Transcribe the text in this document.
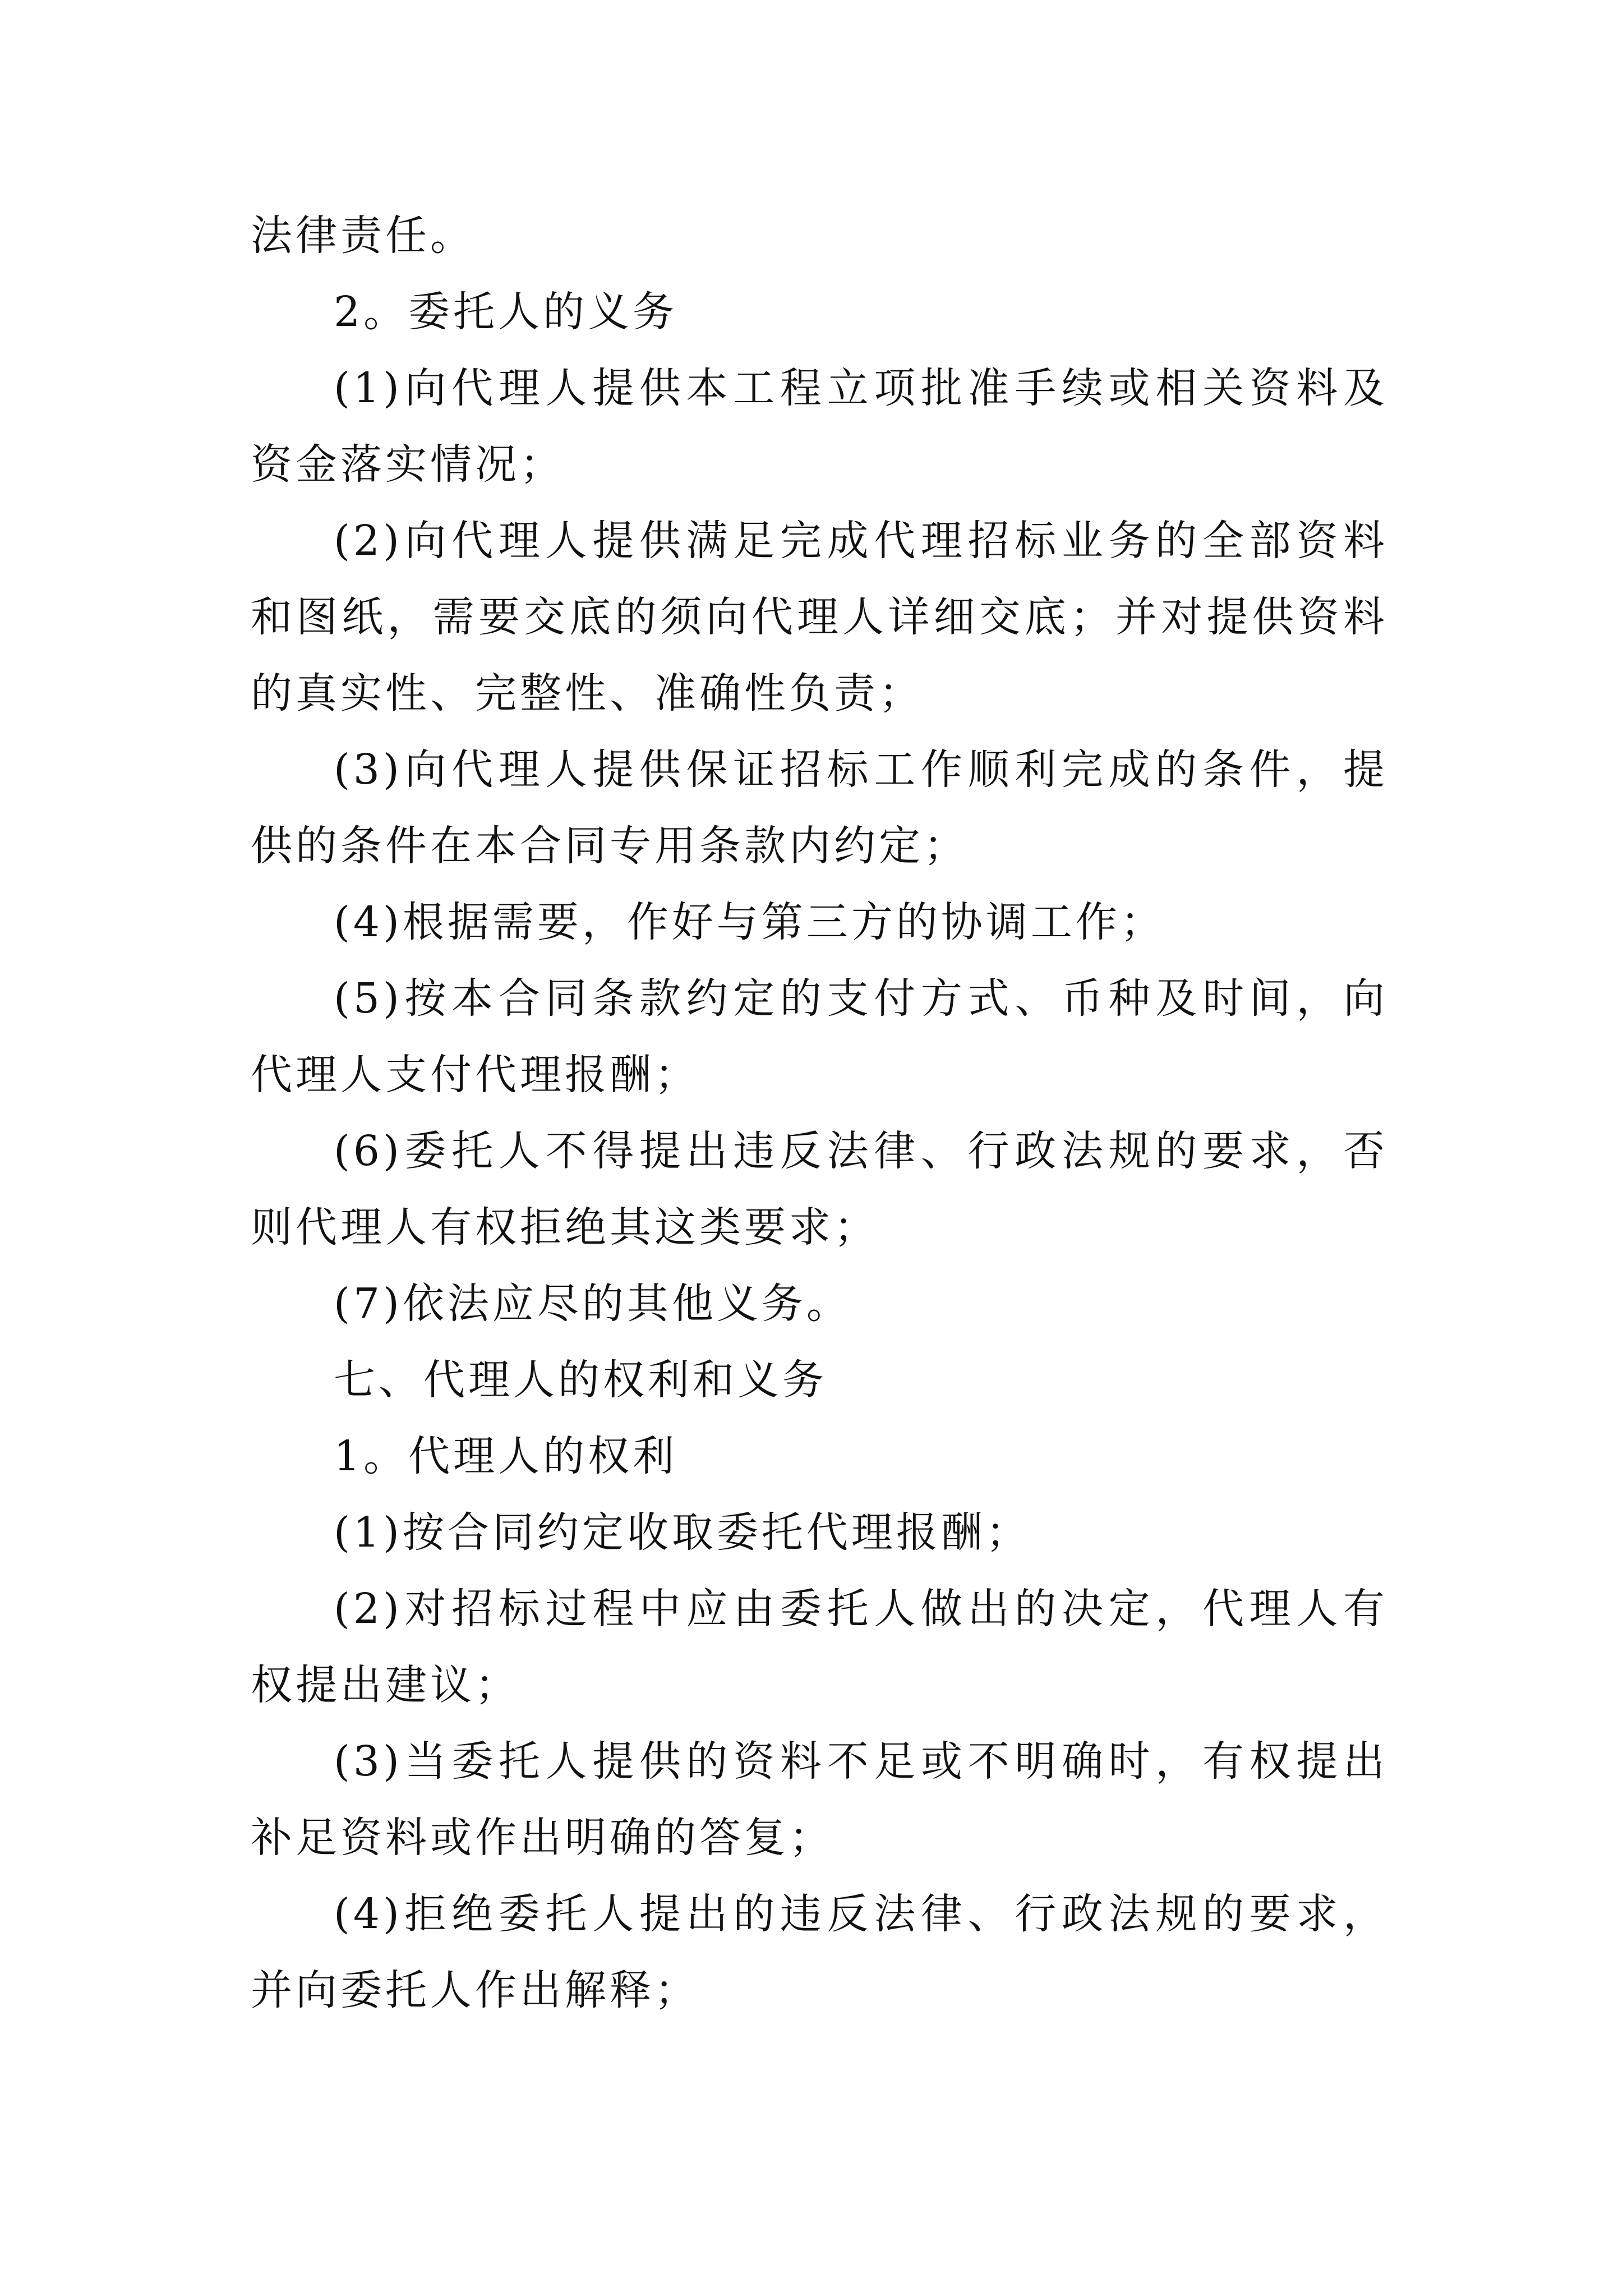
法律责任。

2。委托人的义务

(1)向代理人提供本工程立项批准手续或相关资料及资金落实情况；

(2)向代理人提供满足完成代理招标业务的全部资料和图纸，需要交底的须向代理人详细交底；并对提供资料的真实性、完整性、准确性负责；

(3)向代理人提供保证招标工作顺利完成的条件，提供的条件在本合同专用条款内约定；

(4)根据需要，作好与第三方的协调工作；

(5)按本合同条款约定的支付方式、币种及时间，向代理人支付代理报酬；

(6)委托人不得提出违反法律、行政法规的要求，否则代理人有权拒绝其这类要求；

(7)依法应尽的其他义务。

七、代理人的权利和义务

1。代理人的权利

(1)按合同约定收取委托代理报酬；

(2)对招标过程中应由委托人做出的决定，代理人有权提出建议；

(3)当委托人提供的资料不足或不明确时，有权提出补足资料或作出明确的答复；

(4)拒绝委托人提出的违反法律、行政法规的要求，并向委托人作出解释；
